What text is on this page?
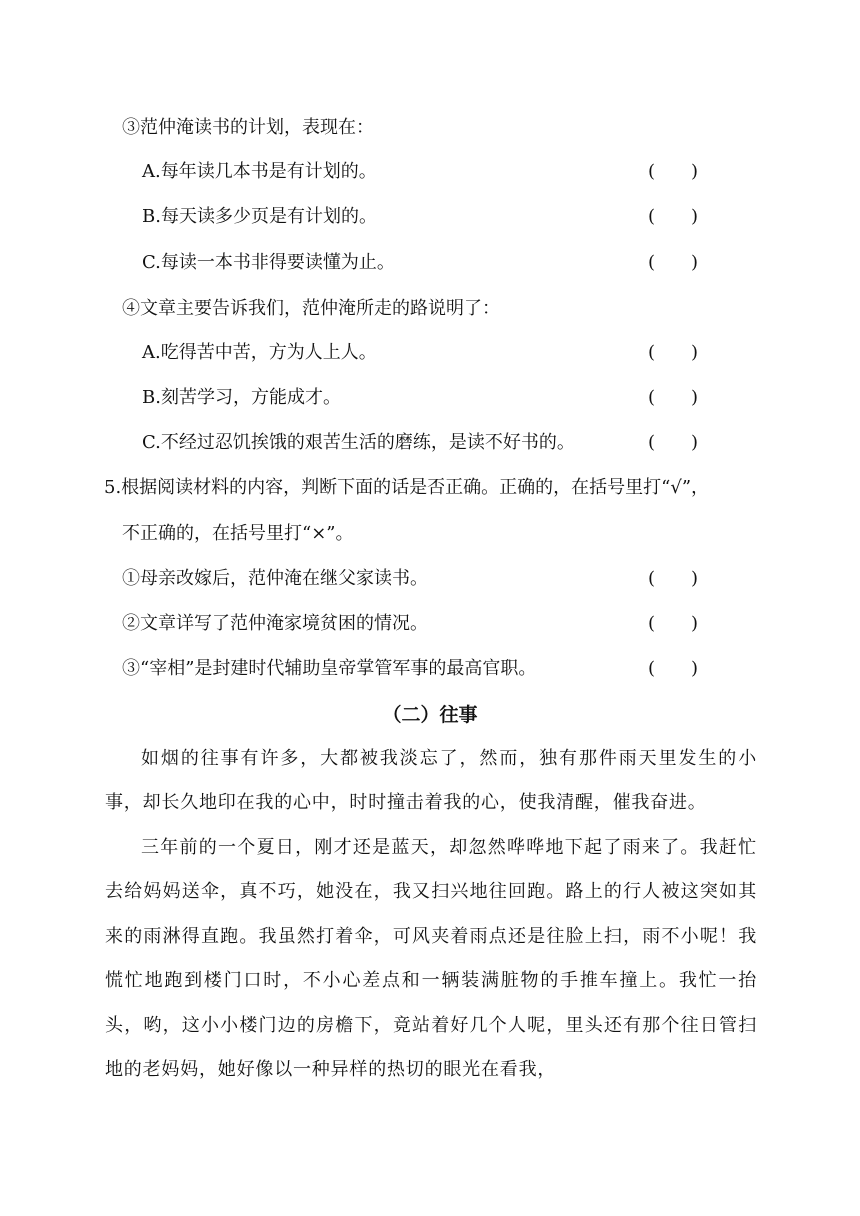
③范仲淹读书的计划，表现在：
A.每年读几本书是有计划的。	(　　)
B.每天读多少页是有计划的。	(　　)
C.每读一本书非得要读懂为止。	(　　)
④文章主要告诉我们，范仲淹所走的路说明了：
A.吃得苦中苦，方为人上人。	(　　)
B.刻苦学习，方能成才。	(　　)
C.不经过忍饥挨饿的艰苦生活的磨练，是读不好书的。	(　　)
5.根据阅读材料的内容，判断下面的话是否正确。正确的，在括号里打“√”，
不正确的，在括号里打“×”。
①母亲改嫁后，范仲淹在继父家读书。	(　　)
②文章详写了范仲淹家境贫困的情况。	(　　)
③“宰相”是封建时代辅助皇帝掌管军事的最高官职。	(　　)
（二）往事
如烟的往事有许多，大都被我淡忘了，然而，独有那件雨天里发生的小事，却长久地印在我的心中，时时撞击着我的心，使我清醒，催我奋进。
三年前的一个夏日，刚才还是蓝天，却忽然哗哗地下起了雨来了。我赶忙去给妈妈送伞，真不巧，她没在，我又扫兴地往回跑。路上的行人被这突如其来的雨淋得直跑。我虽然打着伞，可风夹着雨点还是往脸上扫，雨不小呢！我慌忙地跑到楼门口时，不小心差点和一辆装满脏物的手推车撞上。我忙一抬头，哟，这小小楼门边的房檐下，竟站着好几个人呢，里头还有那个往日管扫地的老妈妈，她好像以一种异样的热切的眼光在看我，
